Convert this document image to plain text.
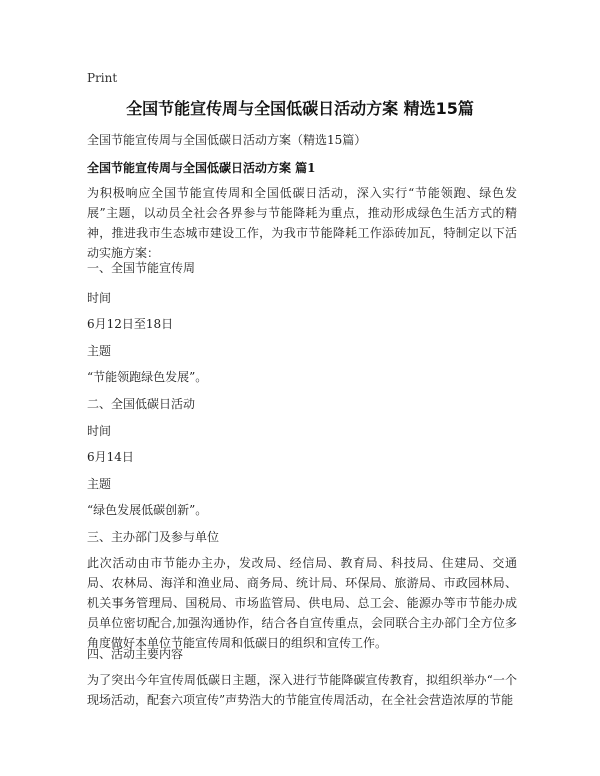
Print
全国节能宣传周与全国低碳日活动方案 精选15篇
全国节能宣传周与全国低碳日活动方案（精选15篇）
全国节能宣传周与全国低碳日活动方案 篇1
为积极响应全国节能宣传周和全国低碳日活动，深入实行“节能领跑、绿色发展”主题，以动员全社会各界参与节能降耗为重点，推动形成绿色生活方式的精神，推进我市生态城市建设工作，为我市节能降耗工作添砖加瓦，特制定以下活动实施方案：
一、全国节能宣传周
时间
6月12日至18日
主题
“节能领跑绿色发展”。
二、全国低碳日活动
时间
6月14日
主题
“绿色发展低碳创新”。
三、主办部门及参与单位
此次活动由市节能办主办，发改局、经信局、教育局、科技局、住建局、交通局、农林局、海洋和渔业局、商务局、统计局、环保局、旅游局、市政园林局、机关事务管理局、国税局、市场监管局、供电局、总工会、能源办等市节能办成员单位密切配合,加强沟通协作，结合各自宣传重点，会同联合主办部门全方位多角度做好本单位节能宣传周和低碳日的组织和宣传工作。
四、活动主要内容
为了突出今年宣传周低碳日主题，深入进行节能降碳宣传教育，拟组织举办“一个现场活动，配套六项宣传”声势浩大的节能宣传周活动，在全社会营造浓厚的节能
